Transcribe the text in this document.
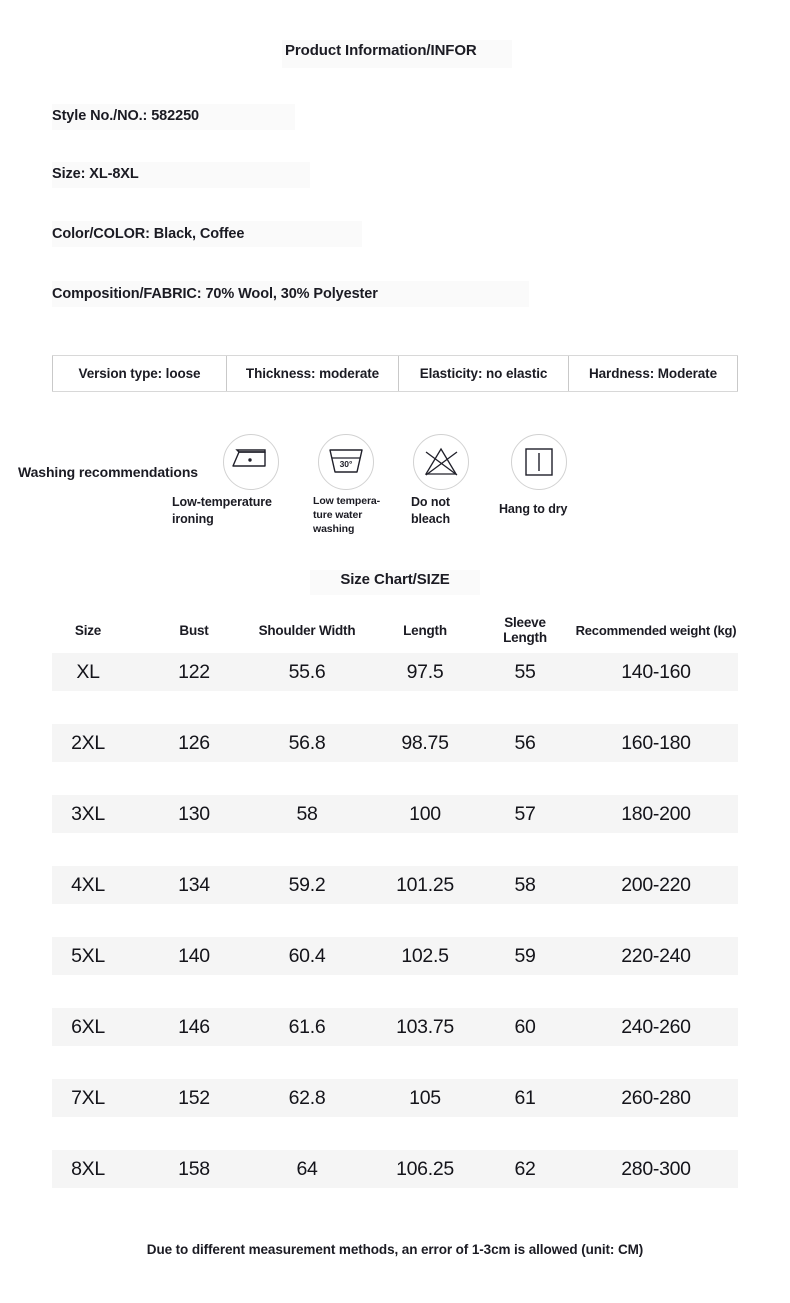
Product Information/INFOR
Style No./NO.: 582250
Size: XL-8XL
Color/COLOR: Black, Coffee
Composition/FABRIC: 70% Wool, 30% Polyester
Version type: loose	Thickness: moderate	Elasticity: no elastic	Hardness: Moderate
Washing recommendations
Low-temperature ironing
30°
Low tempera-ture water washing
Do not bleach
Hang to dry
Size Chart/SIZE
Size	Bust	Shoulder Width	Length	Sleeve Length	Recommended weight (kg)
XL	122	55.6	97.5	55	140-160
2XL	126	56.8	98.75	56	160-180
3XL	130	58	100	57	180-200
4XL	134	59.2	101.25	58	200-220
5XL	140	60.4	102.5	59	220-240
6XL	146	61.6	103.75	60	240-260
7XL	152	62.8	105	61	260-280
8XL	158	64	106.25	62	280-300
Due to different measurement methods, an error of 1-3cm is allowed (unit: CM)
